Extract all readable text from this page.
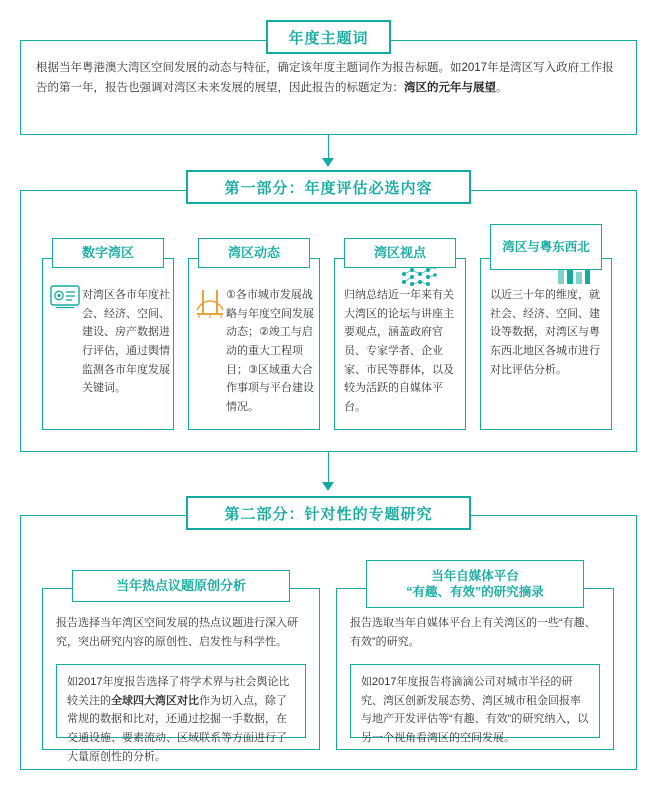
年度主题词
根据当年粤港澳大湾区空间发展的动态与特征，确定该年度主题词作为报告标题。如2017年是湾区写入政府工作报告的第一年，报告也强调对湾区未来发展的展望，因此报告的标题定为：湾区的元年与展望。
第一部分：年度评估必选内容
数字湾区
对湾区各市年度社会、经济、空间、建设、房产数据进行评估，通过舆情监测各市年度发展关键词。
湾区动态
①各市城市发展战略与年度空间发展动态；②竣工与启动的重大工程项目；③区域重大合作事项与平台建设情况。
湾区视点
归纳总结近一年来有关大湾区的论坛与讲座主要观点，涵盖政府官员、专家学者、企业家、市民等群体，以及较为活跃的自媒体平台。
湾区与粤东西北
以近三十年的维度，就社会、经济、空间、建设等数据，对湾区与粤东西北地区各城市进行对比评估分析。
第二部分：针对性的专题研究
当年热点议题原创分析
报告选择当年湾区空间发展的热点议题进行深入研究，突出研究内容的原创性、启发性与科学性。
如2017年度报告选择了将学术界与社会舆论比较关注的全球四大湾区对比作为切入点，除了常规的数据和比对，还通过挖掘一手数据，在交通设施、要素流动、区域联系等方面进行了大量原创性的分析。
当年自媒体平台
“有趣、有效”的研究摘录
报告选取当年自媒体平台上有关湾区的一些“有趣、有效”的研究。
如2017年度报告将滴滴公司对城市半径的研究、湾区创新发展态势、湾区城市租金回报率与地产开发评估等“有趣、有效”的研究纳入，以另一个视角看湾区的空间发展。
